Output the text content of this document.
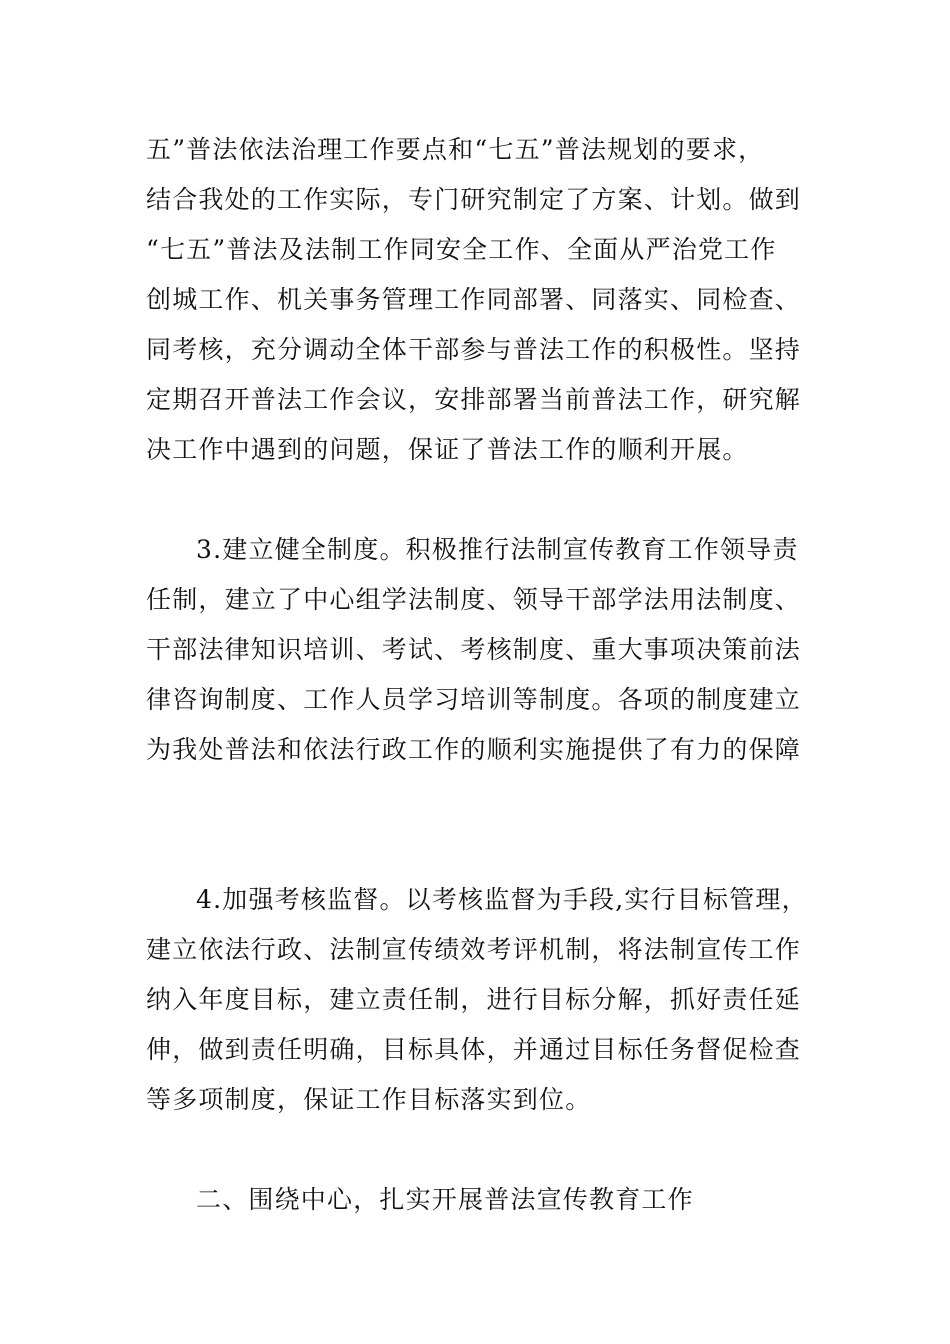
五”普法依法治理工作要点和“七五”普法规划的要求，
结合我处的工作实际，专门研究制定了方案、计划。做到
“七五”普法及法制工作同安全工作、全面从严治党工作
创城工作、机关事务管理工作同部署、同落实、同检查、
同考核，充分调动全体干部参与普法工作的积极性。坚持
定期召开普法工作会议，安排部署当前普法工作，研究解
决工作中遇到的问题，保证了普法工作的顺利开展。
3.建立健全制度。积极推行法制宣传教育工作领导责
任制，建立了中心组学法制度、领导干部学法用法制度、
干部法律知识培训、考试、考核制度、重大事项决策前法
律咨询制度、工作人员学习培训等制度。各项的制度建立
为我处普法和依法行政工作的顺利实施提供了有力的保障
4.加强考核监督。以考核监督为手段,实行目标管理，
建立依法行政、法制宣传绩效考评机制，将法制宣传工作
纳入年度目标，建立责任制，进行目标分解，抓好责任延
伸，做到责任明确，目标具体，并通过目标任务督促检查
等多项制度，保证工作目标落实到位。
二、围绕中心，扎实开展普法宣传教育工作
